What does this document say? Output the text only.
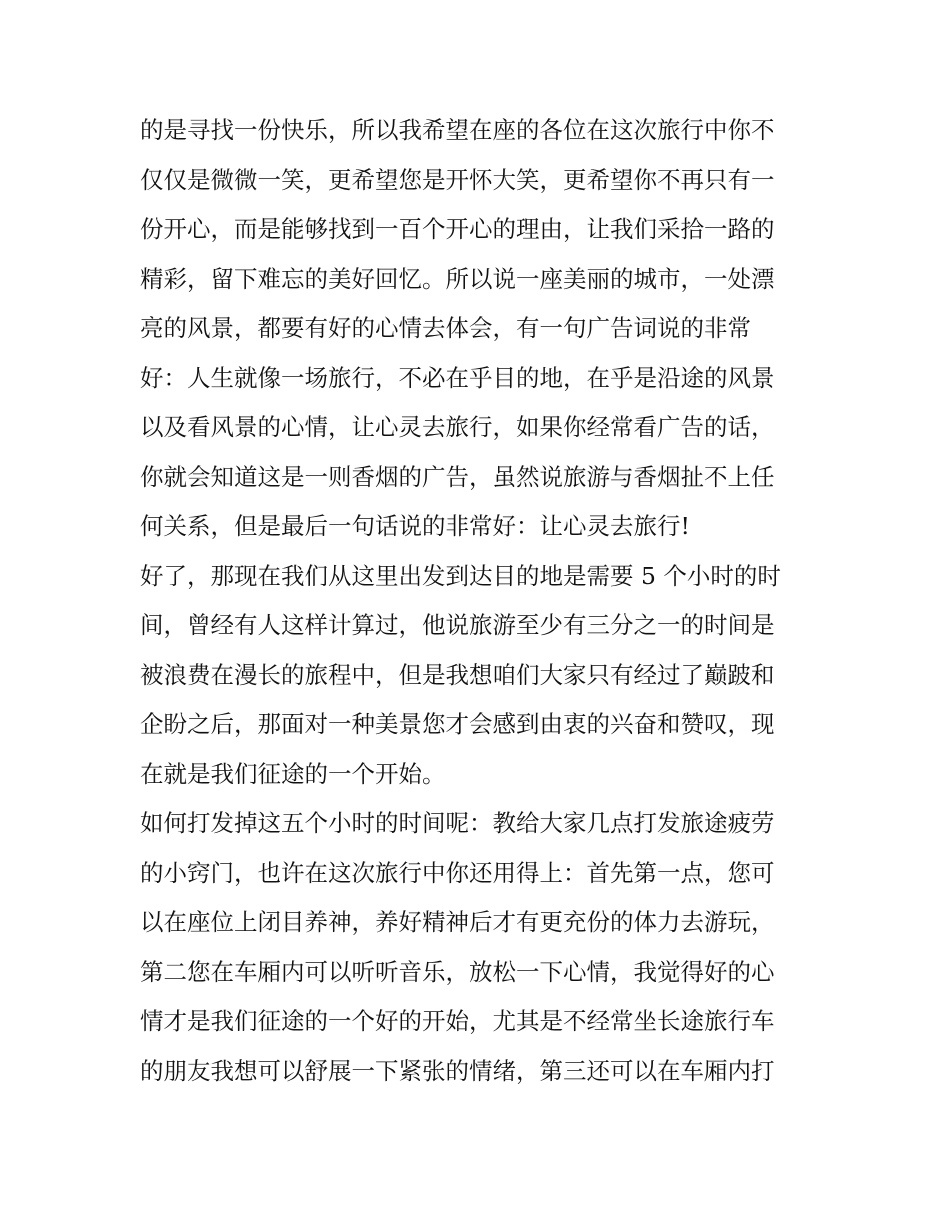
的是寻找一份快乐，所以我希望在座的各位在这次旅行中你不
仅仅是微微一笑，更希望您是开怀大笑，更希望你不再只有一
份开心，而是能够找到一百个开心的理由，让我们采拾一路的
精彩，留下难忘的美好回忆。所以说一座美丽的城市，一处漂
亮的风景，都要有好的心情去体会，有一句广告词说的非常
好：人生就像一场旅行，不必在乎目的地，在乎是沿途的风景
以及看风景的心情，让心灵去旅行，如果你经常看广告的话，
你就会知道这是一则香烟的广告，虽然说旅游与香烟扯不上任
何关系，但是最后一句话说的非常好：让心灵去旅行!
好了，那现在我们从这里出发到达目的地是需要 5 个小时的时
间，曾经有人这样计算过，他说旅游至少有三分之一的时间是
被浪费在漫长的旅程中，但是我想咱们大家只有经过了巅跛和
企盼之后，那面对一种美景您才会感到由衷的兴奋和赞叹，现
在就是我们征途的一个开始。
如何打发掉这五个小时的时间呢：教给大家几点打发旅途疲劳
的小窍门，也许在这次旅行中你还用得上：首先第一点，您可
以在座位上闭目养神，养好精神后才有更充份的体力去游玩，
第二您在车厢内可以听听音乐，放松一下心情，我觉得好的心
情才是我们征途的一个好的开始，尤其是不经常坐长途旅行车
的朋友我想可以舒展一下紧张的情绪，第三还可以在车厢内打
